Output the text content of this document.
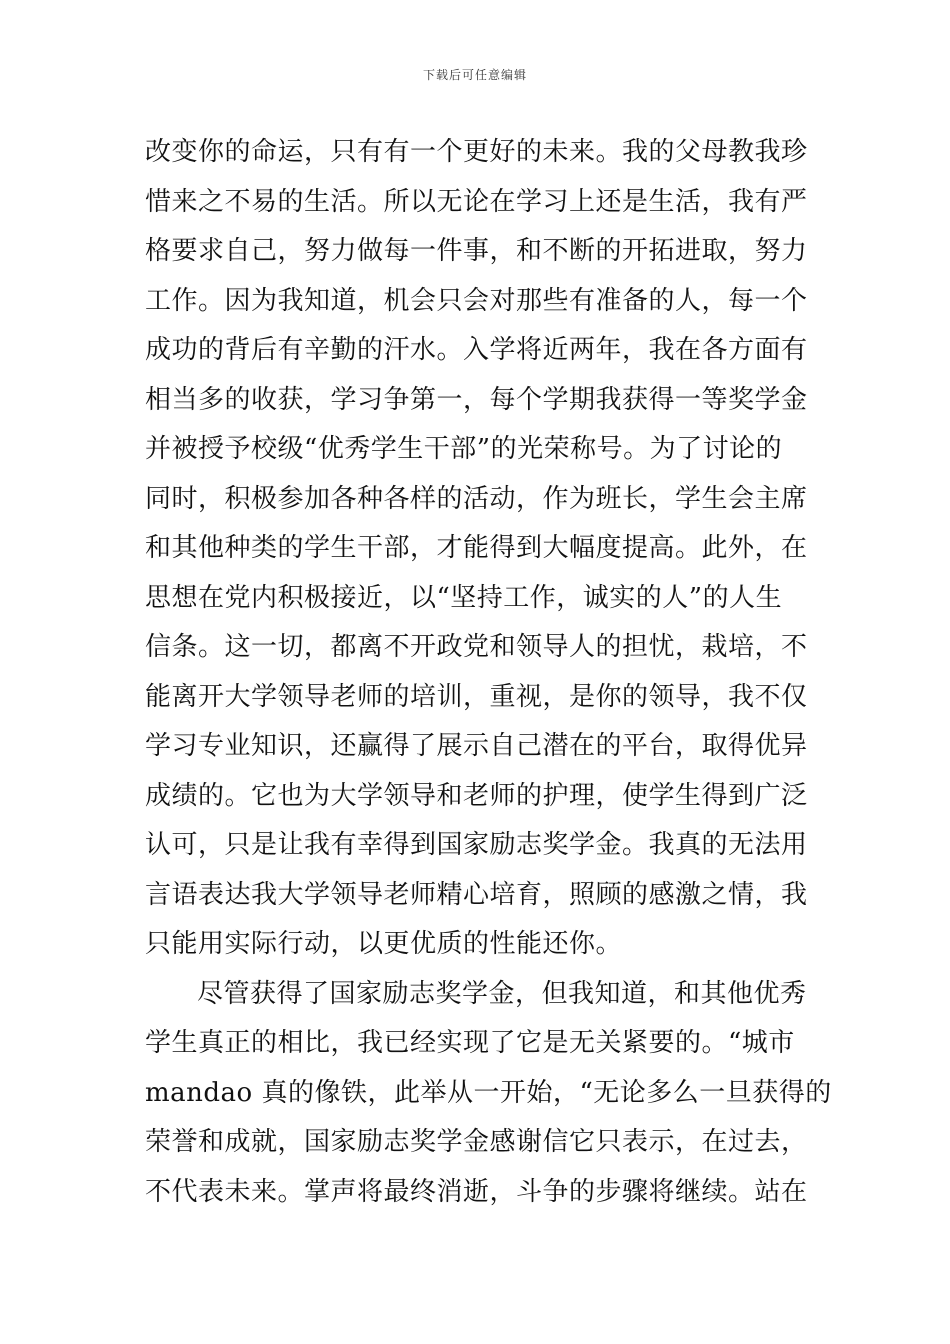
下载后可任意编辑
改变你的命运，只有有一个更好的未来。我的父母教我珍
惜来之不易的生活。所以无论在学习上还是生活，我有严
格要求自己，努力做每一件事，和不断的开拓进取，努力
工作。因为我知道，机会只会对那些有准备的人，每一个
成功的背后有辛勤的汗水。入学将近两年，我在各方面有
相当多的收获，学习争第一，每个学期我获得一等奖学金
并被授予校级“优秀学生干部”的光荣称号。为了讨论的
同时，积极参加各种各样的活动，作为班长，学生会主席
和其他种类的学生干部，才能得到大幅度提高。此外，在
思想在党内积极接近，以“坚持工作，诚实的人”的人生
信条。这一切，都离不开政党和领导人的担忧，栽培，不
能离开大学领导老师的培训，重视，是你的领导，我不仅
学习专业知识，还赢得了展示自己潜在的平台，取得优异
成绩的。它也为大学领导和老师的护理，使学生得到广泛
认可，只是让我有幸得到国家励志奖学金。我真的无法用
言语表达我大学领导老师精心培育，照顾的感激之情，我
只能用实际行动，以更优质的性能还你。
尽管获得了国家励志奖学金，但我知道，和其他优秀
学生真正的相比，我已经实现了它是无关紧要的。“城市
mandao 真的像铁，此举从一开始，“无论多么一旦获得的
荣誉和成就，国家励志奖学金感谢信它只表示，在过去，
不代表未来。掌声将最终消逝，斗争的步骤将继续。站在
